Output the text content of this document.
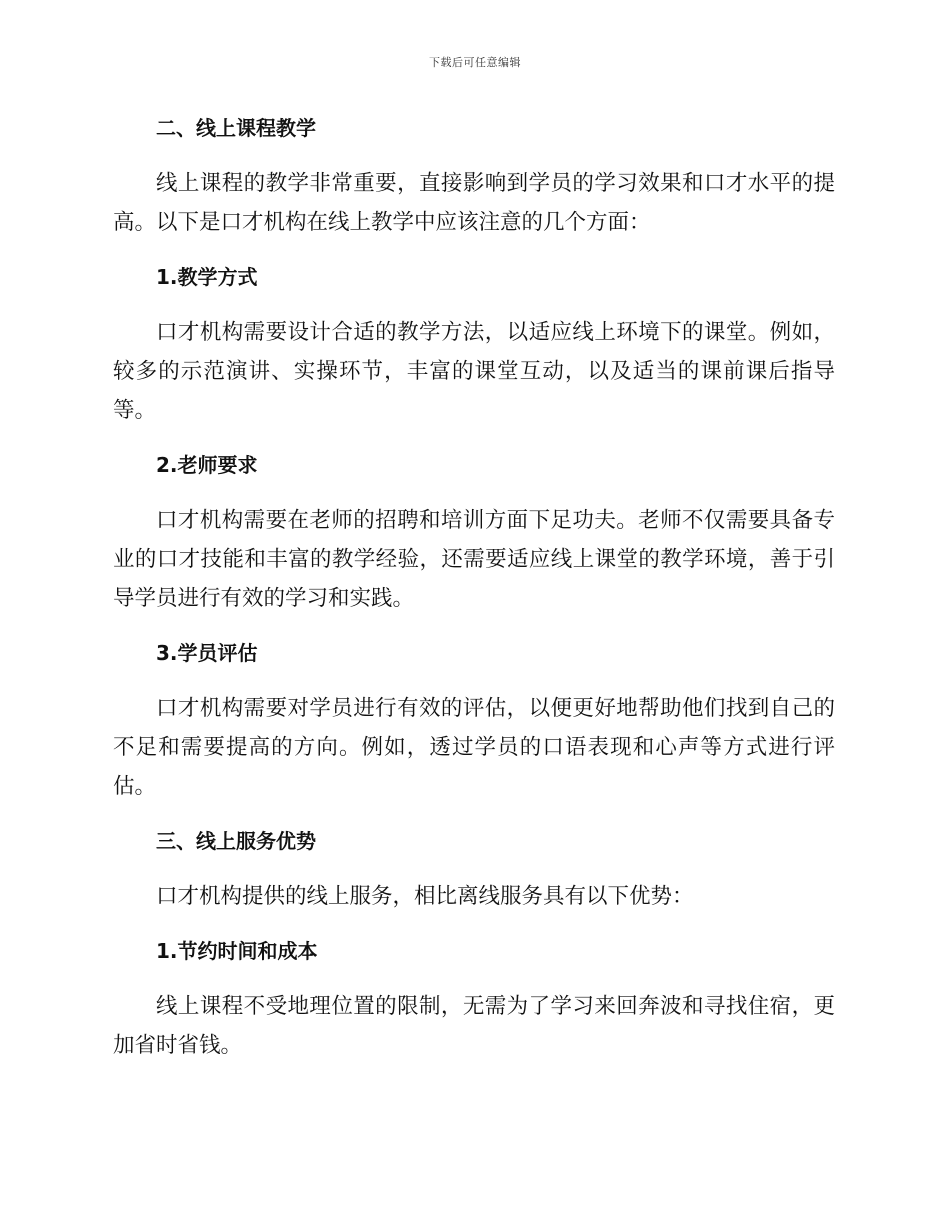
下载后可任意编辑
二、线上课程教学

线上课程的教学非常重要，直接影响到学员的学习效果和口才水平的提高。以下是口才机构在线上教学中应该注意的几个方面：

1.教学方式

口才机构需要设计合适的教学方法，以适应线上环境下的课堂。例如，较多的示范演讲、实操环节，丰富的课堂互动，以及适当的课前课后指导等。

2.老师要求

口才机构需要在老师的招聘和培训方面下足功夫。老师不仅需要具备专业的口才技能和丰富的教学经验，还需要适应线上课堂的教学环境，善于引导学员进行有效的学习和实践。

3.学员评估

口才机构需要对学员进行有效的评估，以便更好地帮助他们找到自己的不足和需要提高的方向。例如，透过学员的口语表现和心声等方式进行评估。

三、线上服务优势

口才机构提供的线上服务，相比离线服务具有以下优势：

1.节约时间和成本

线上课程不受地理位置的限制，无需为了学习来回奔波和寻找住宿，更加省时省钱。
